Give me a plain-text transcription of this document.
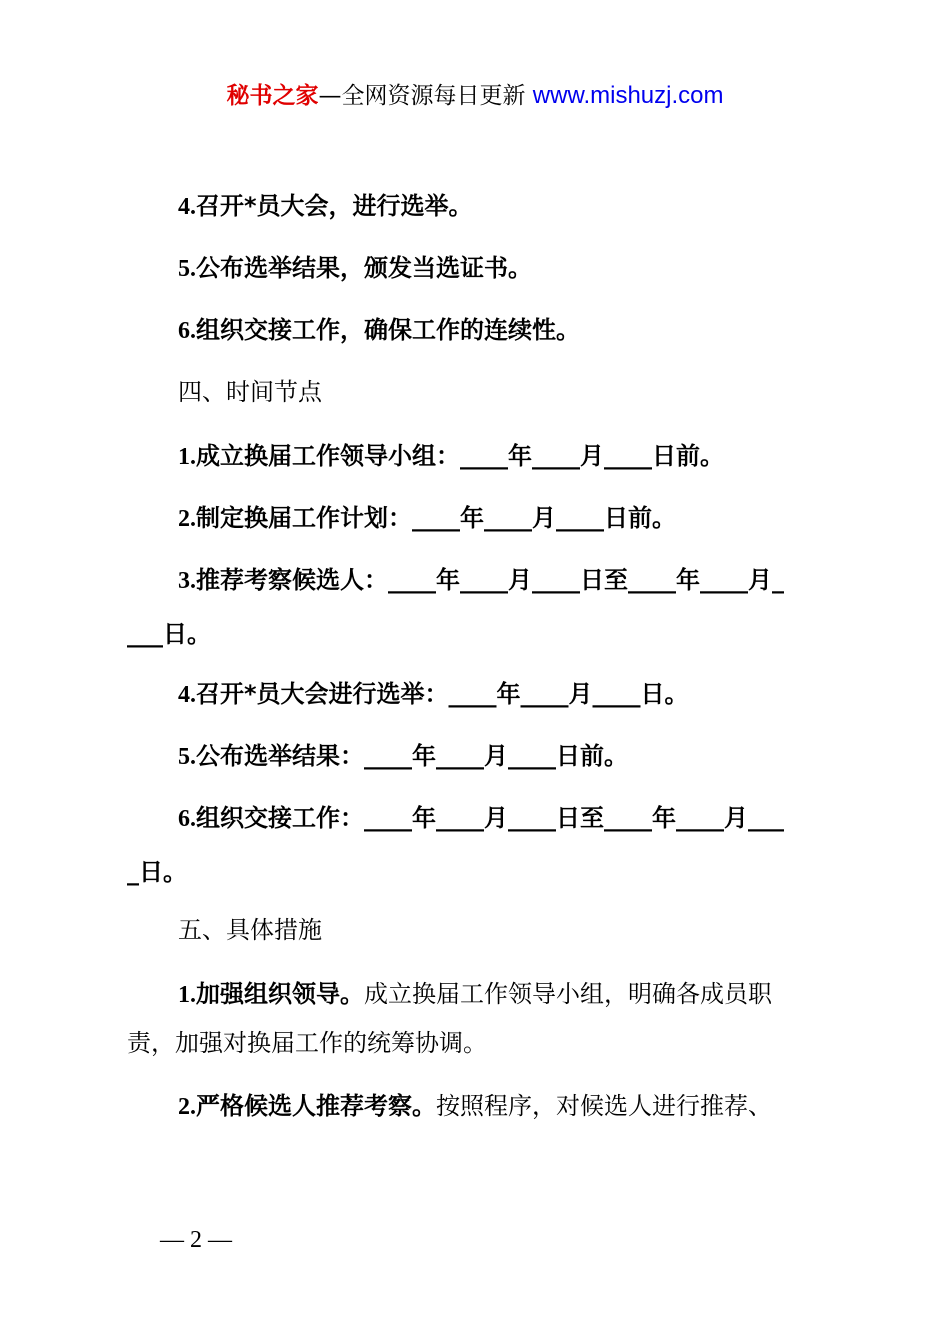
秘书之家—全网资源每日更新 www.mishuzj.com
4.召开*员大会，进行选举。
5.公布选举结果，颁发当选证书。
6.组织交接工作，确保工作的连续性。
四、时间节点
1.成立换届工作领导小组：____年____月____日前。
2.制定换届工作计划：____年____月____日前。
3.推荐考察候选人：____年____月____日至____年____月_
___日。
4.召开*员大会进行选举：____年____月____日。
5.公布选举结果：____年____月____日前。
6.组织交接工作：____年____月____日至____年____月___
_日。
五、具体措施
1.加强组织领导。成立换届工作领导小组，明确各成员职
责，加强对换届工作的统筹协调。
2.严格候选人推荐考察。按照程序，对候选人进行推荐、
— 2 —
